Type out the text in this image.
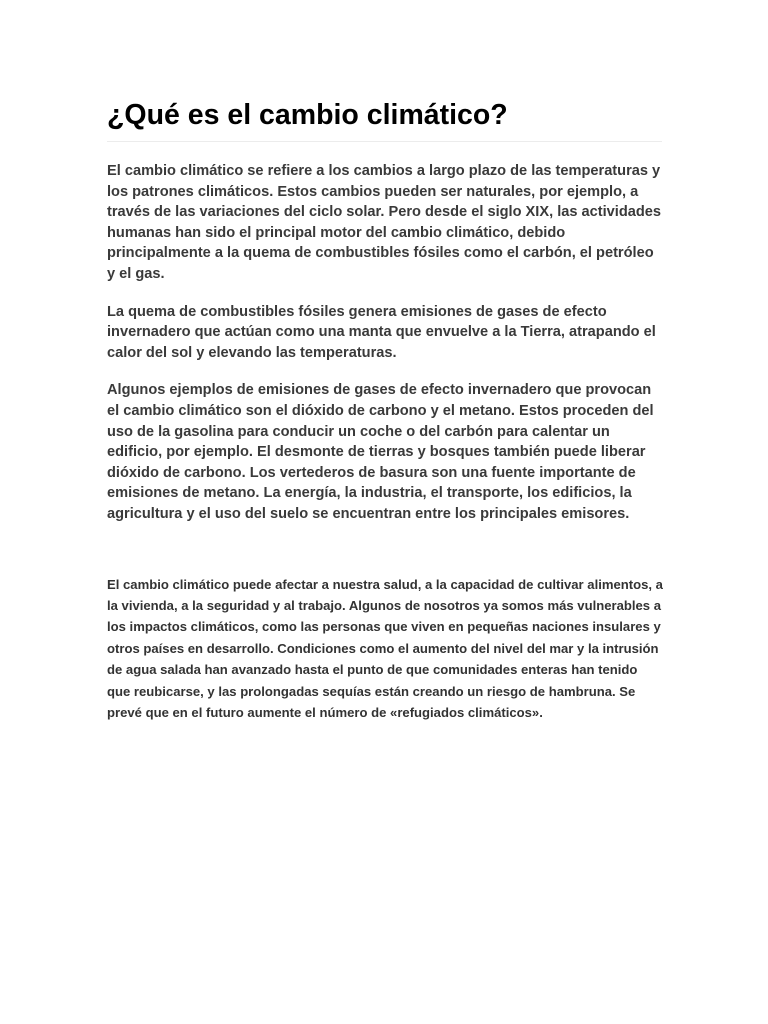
¿Qué es el cambio climático?

El cambio climático se refiere a los cambios a largo plazo de las temperaturas y los patrones climáticos. Estos cambios pueden ser naturales, por ejemplo, a través de las variaciones del ciclo solar. Pero desde el siglo XIX, las actividades humanas han sido el principal motor del cambio climático, debido principalmente a la quema de combustibles fósiles como el carbón, el petróleo y el gas.

La quema de combustibles fósiles genera emisiones de gases de efecto invernadero que actúan como una manta que envuelve a la Tierra, atrapando el calor del sol y elevando las temperaturas.

Algunos ejemplos de emisiones de gases de efecto invernadero que provocan el cambio climático son el dióxido de carbono y el metano. Estos proceden del uso de la gasolina para conducir un coche o del carbón para calentar un edificio, por ejemplo. El desmonte de tierras y bosques también puede liberar dióxido de carbono. Los vertederos de basura son una fuente importante de emisiones de metano. La energía, la industria, el transporte, los edificios, la agricultura y el uso del suelo se encuentran entre los principales emisores.

El cambio climático puede afectar a nuestra salud, a la capacidad de cultivar alimentos, a la vivienda, a la seguridad y al trabajo. Algunos de nosotros ya somos más vulnerables a los impactos climáticos, como las personas que viven en pequeñas naciones insulares y otros países en desarrollo. Condiciones como el aumento del nivel del mar y la intrusión de agua salada han avanzado hasta el punto de que comunidades enteras han tenido que reubicarse, y las prolongadas sequías están creando un riesgo de hambruna. Se prevé que en el futuro aumente el número de «refugiados climáticos».
